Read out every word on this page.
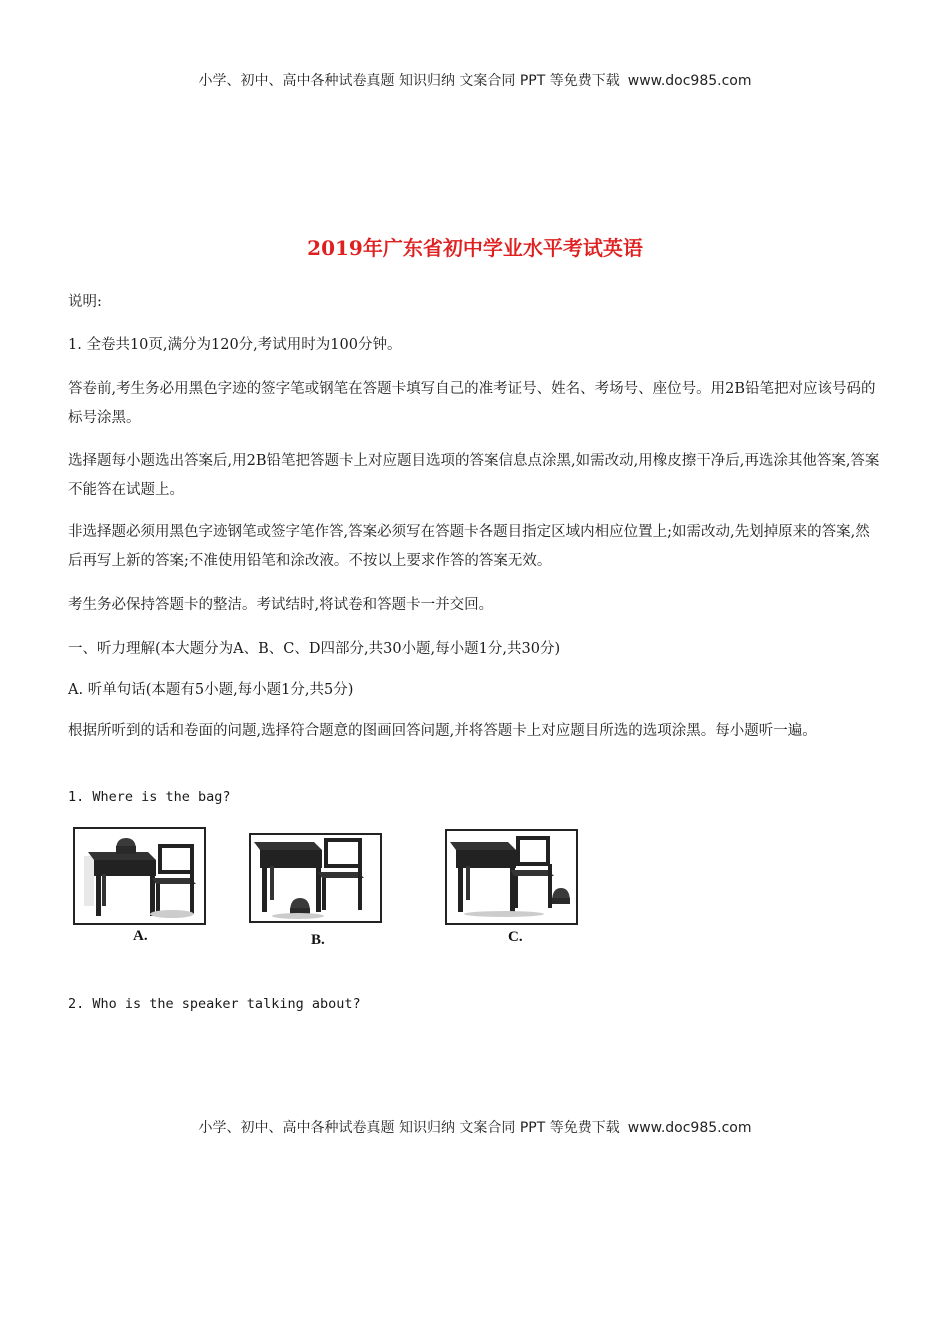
小学、初中、高中各种试卷真题 知识归纳 文案合同 PPT 等免费下载 www.doc985.com
2019年广东省初中学业水平考试英语

说明:

1. 全卷共10页,满分为120分,考试用时为100分钟。

答卷前,考生务必用黑色字迹的签字笔或钢笔在答题卡填写自己的准考证号、姓名、考场号、座位号。用2B铅笔把对应该号码的标号涂黑。

选择题每小题选出答案后,用2B铅笔把答题卡上对应题目选项的答案信息点涂黑,如需改动,用橡皮擦干净后,再选涂其他答案,答案不能答在试题上。

非选择题必须用黑色字迹钢笔或签字笔作答,答案必须写在答题卡各题目指定区域内相应位置上;如需改动,先划掉原来的答案,然后再写上新的答案;不准使用铅笔和涂改液。不按以上要求作答的答案无效。

考生务必保持答题卡的整洁。考试结时,将试卷和答题卡一并交回。

一、听力理解(本大题分为A、B、C、D四部分,共30小题,每小题1分,共30分)

A. 听单句话(本题有5小题,每小题1分,共5分)

根据所听到的话和卷面的问题,选择符合题意的图画回答问题,并将答题卡上对应题目所选的选项涂黑。每小题听一遍。

1. Where is the bag?

A.	B.	C.

2. Who is the speaker talking about?

小学、初中、高中各种试卷真题 知识归纳 文案合同 PPT 等免费下载 www.doc985.com
